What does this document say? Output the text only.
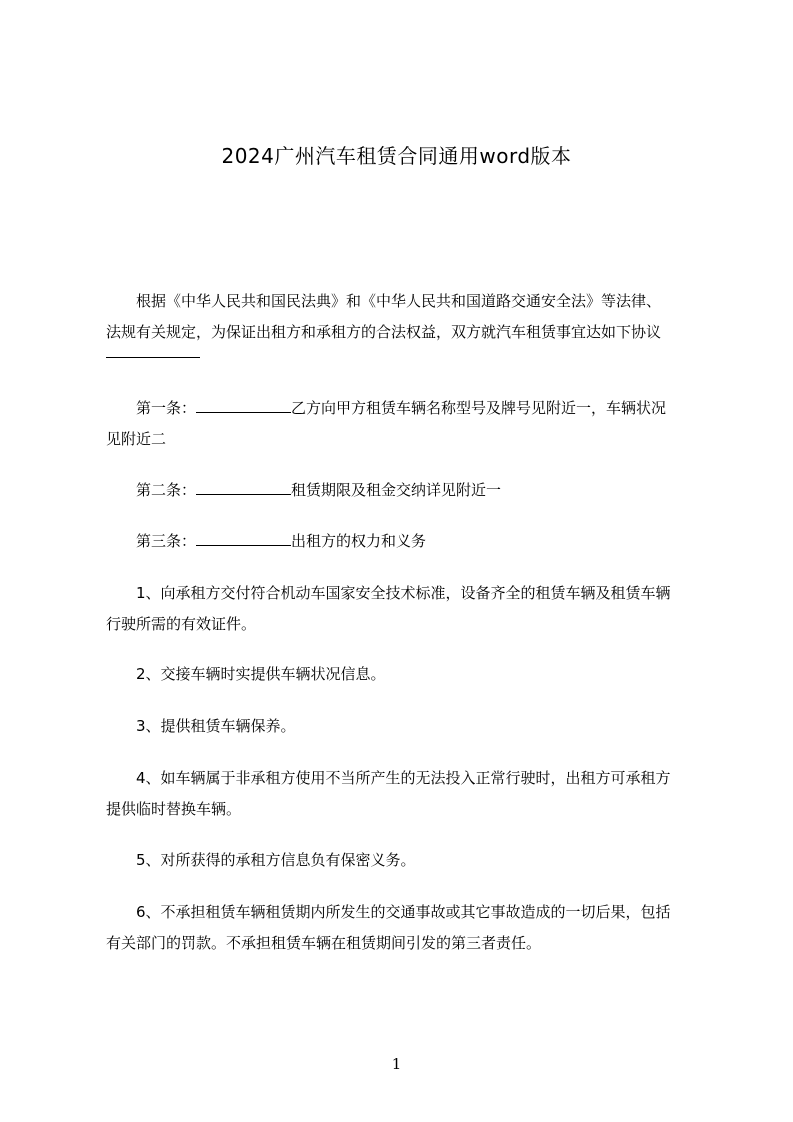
2024广州汽车租赁合同通用word版本
根据《中华人民共和国民法典》和《中华人民共和国道路交通安全法》等法律、
法规有关规定，为保证出租方和承租方的合法权益，双方就汽车租赁事宜达如下协议
第一条：	乙方向甲方租赁车辆名称型号及牌号见附近一，车辆状况
见附近二
第二条：	租赁期限及租金交纳详见附近一
第三条：	出租方的权力和义务
1、向承租方交付符合机动车国家安全技术标准，设备齐全的租赁车辆及租赁车辆
行驶所需的有效证件。
2、交接车辆时实提供车辆状况信息。
3、提供租赁车辆保养。
4、如车辆属于非承租方使用不当所产生的无法投入正常行驶时，出租方可承租方
提供临时替换车辆。
5、对所获得的承租方信息负有保密义务。
6、不承担租赁车辆租赁期内所发生的交通事故或其它事故造成的一切后果，包括
有关部门的罚款。不承担租赁车辆在租赁期间引发的第三者责任。
1
